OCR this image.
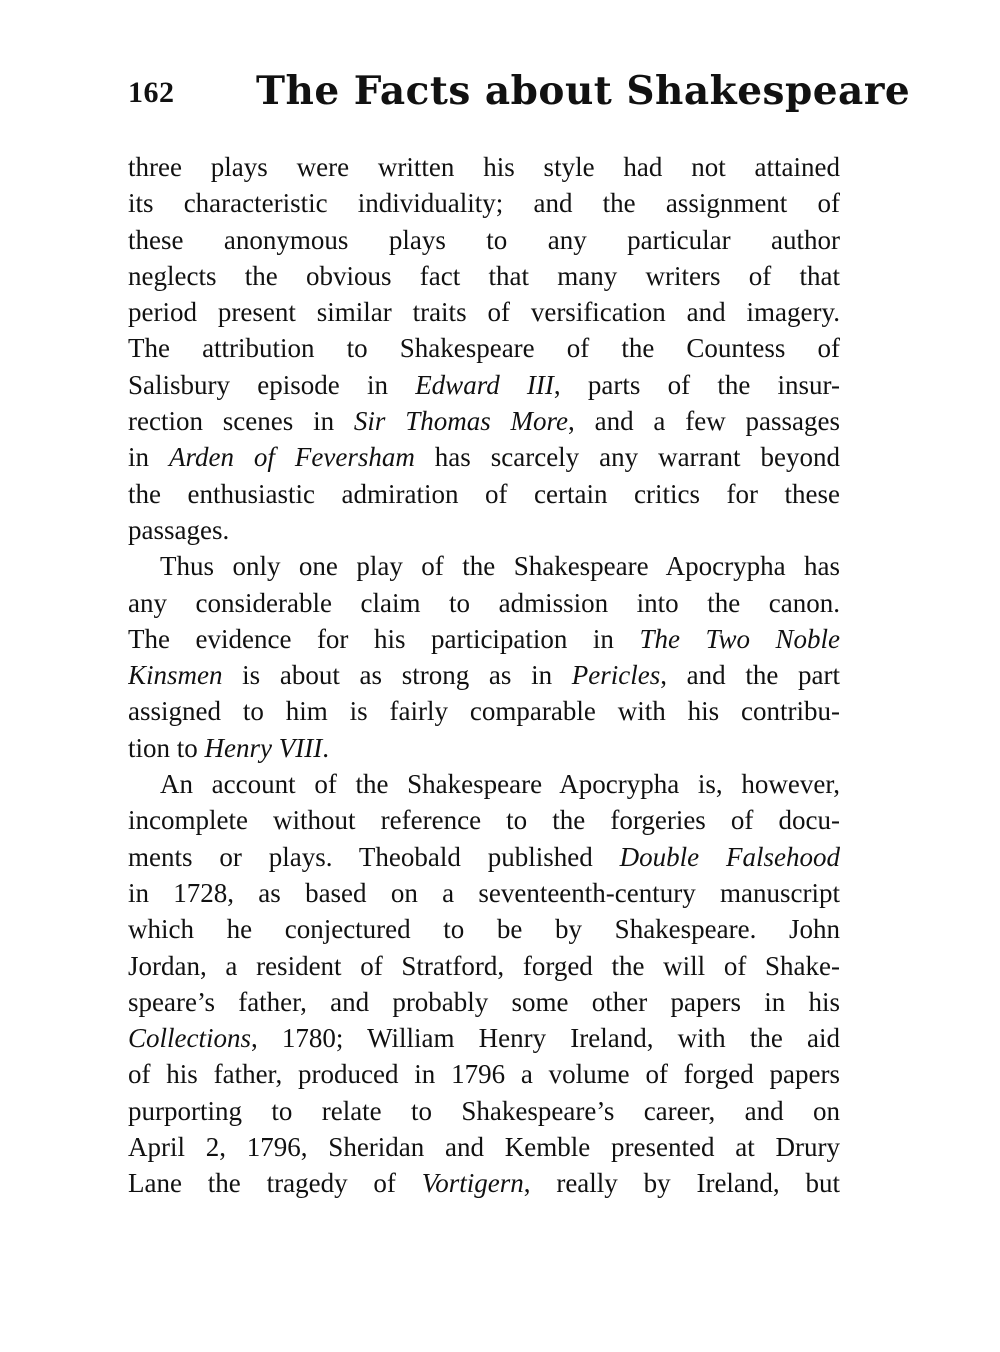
162 The Facts about Shakespeare
three plays were written his style had not attained
its characteristic individuality; and the assignment of
these anonymous plays to any particular author
neglects the obvious fact that many writers of that
period present similar traits of versification and imagery.
The attribution to Shakespeare of the Countess of
Salisbury episode in Edward III, parts of the insur-
rection scenes in Sir Thomas More, and a few passages
in Arden of Feversham has scarcely any warrant beyond
the enthusiastic admiration of certain critics for these
passages.
Thus only one play of the Shakespeare Apocrypha has
any considerable claim to admission into the canon.
The evidence for his participation in The Two Noble
Kinsmen is about as strong as in Pericles, and the part
assigned to him is fairly comparable with his contribu-
tion to Henry VIII.
An account of the Shakespeare Apocrypha is, however,
incomplete without reference to the forgeries of docu-
ments or plays. Theobald published Double Falsehood
in 1728, as based on a seventeenth-century manuscript
which he conjectured to be by Shakespeare. John
Jordan, a resident of Stratford, forged the will of Shake-
speare’s father, and probably some other papers in his
Collections, 1780; William Henry Ireland, with the aid
of his father, produced in 1796 a volume of forged papers
purporting to relate to Shakespeare’s career, and on
April 2, 1796, Sheridan and Kemble presented at Drury
Lane the tragedy of Vortigern, really by Ireland, but
